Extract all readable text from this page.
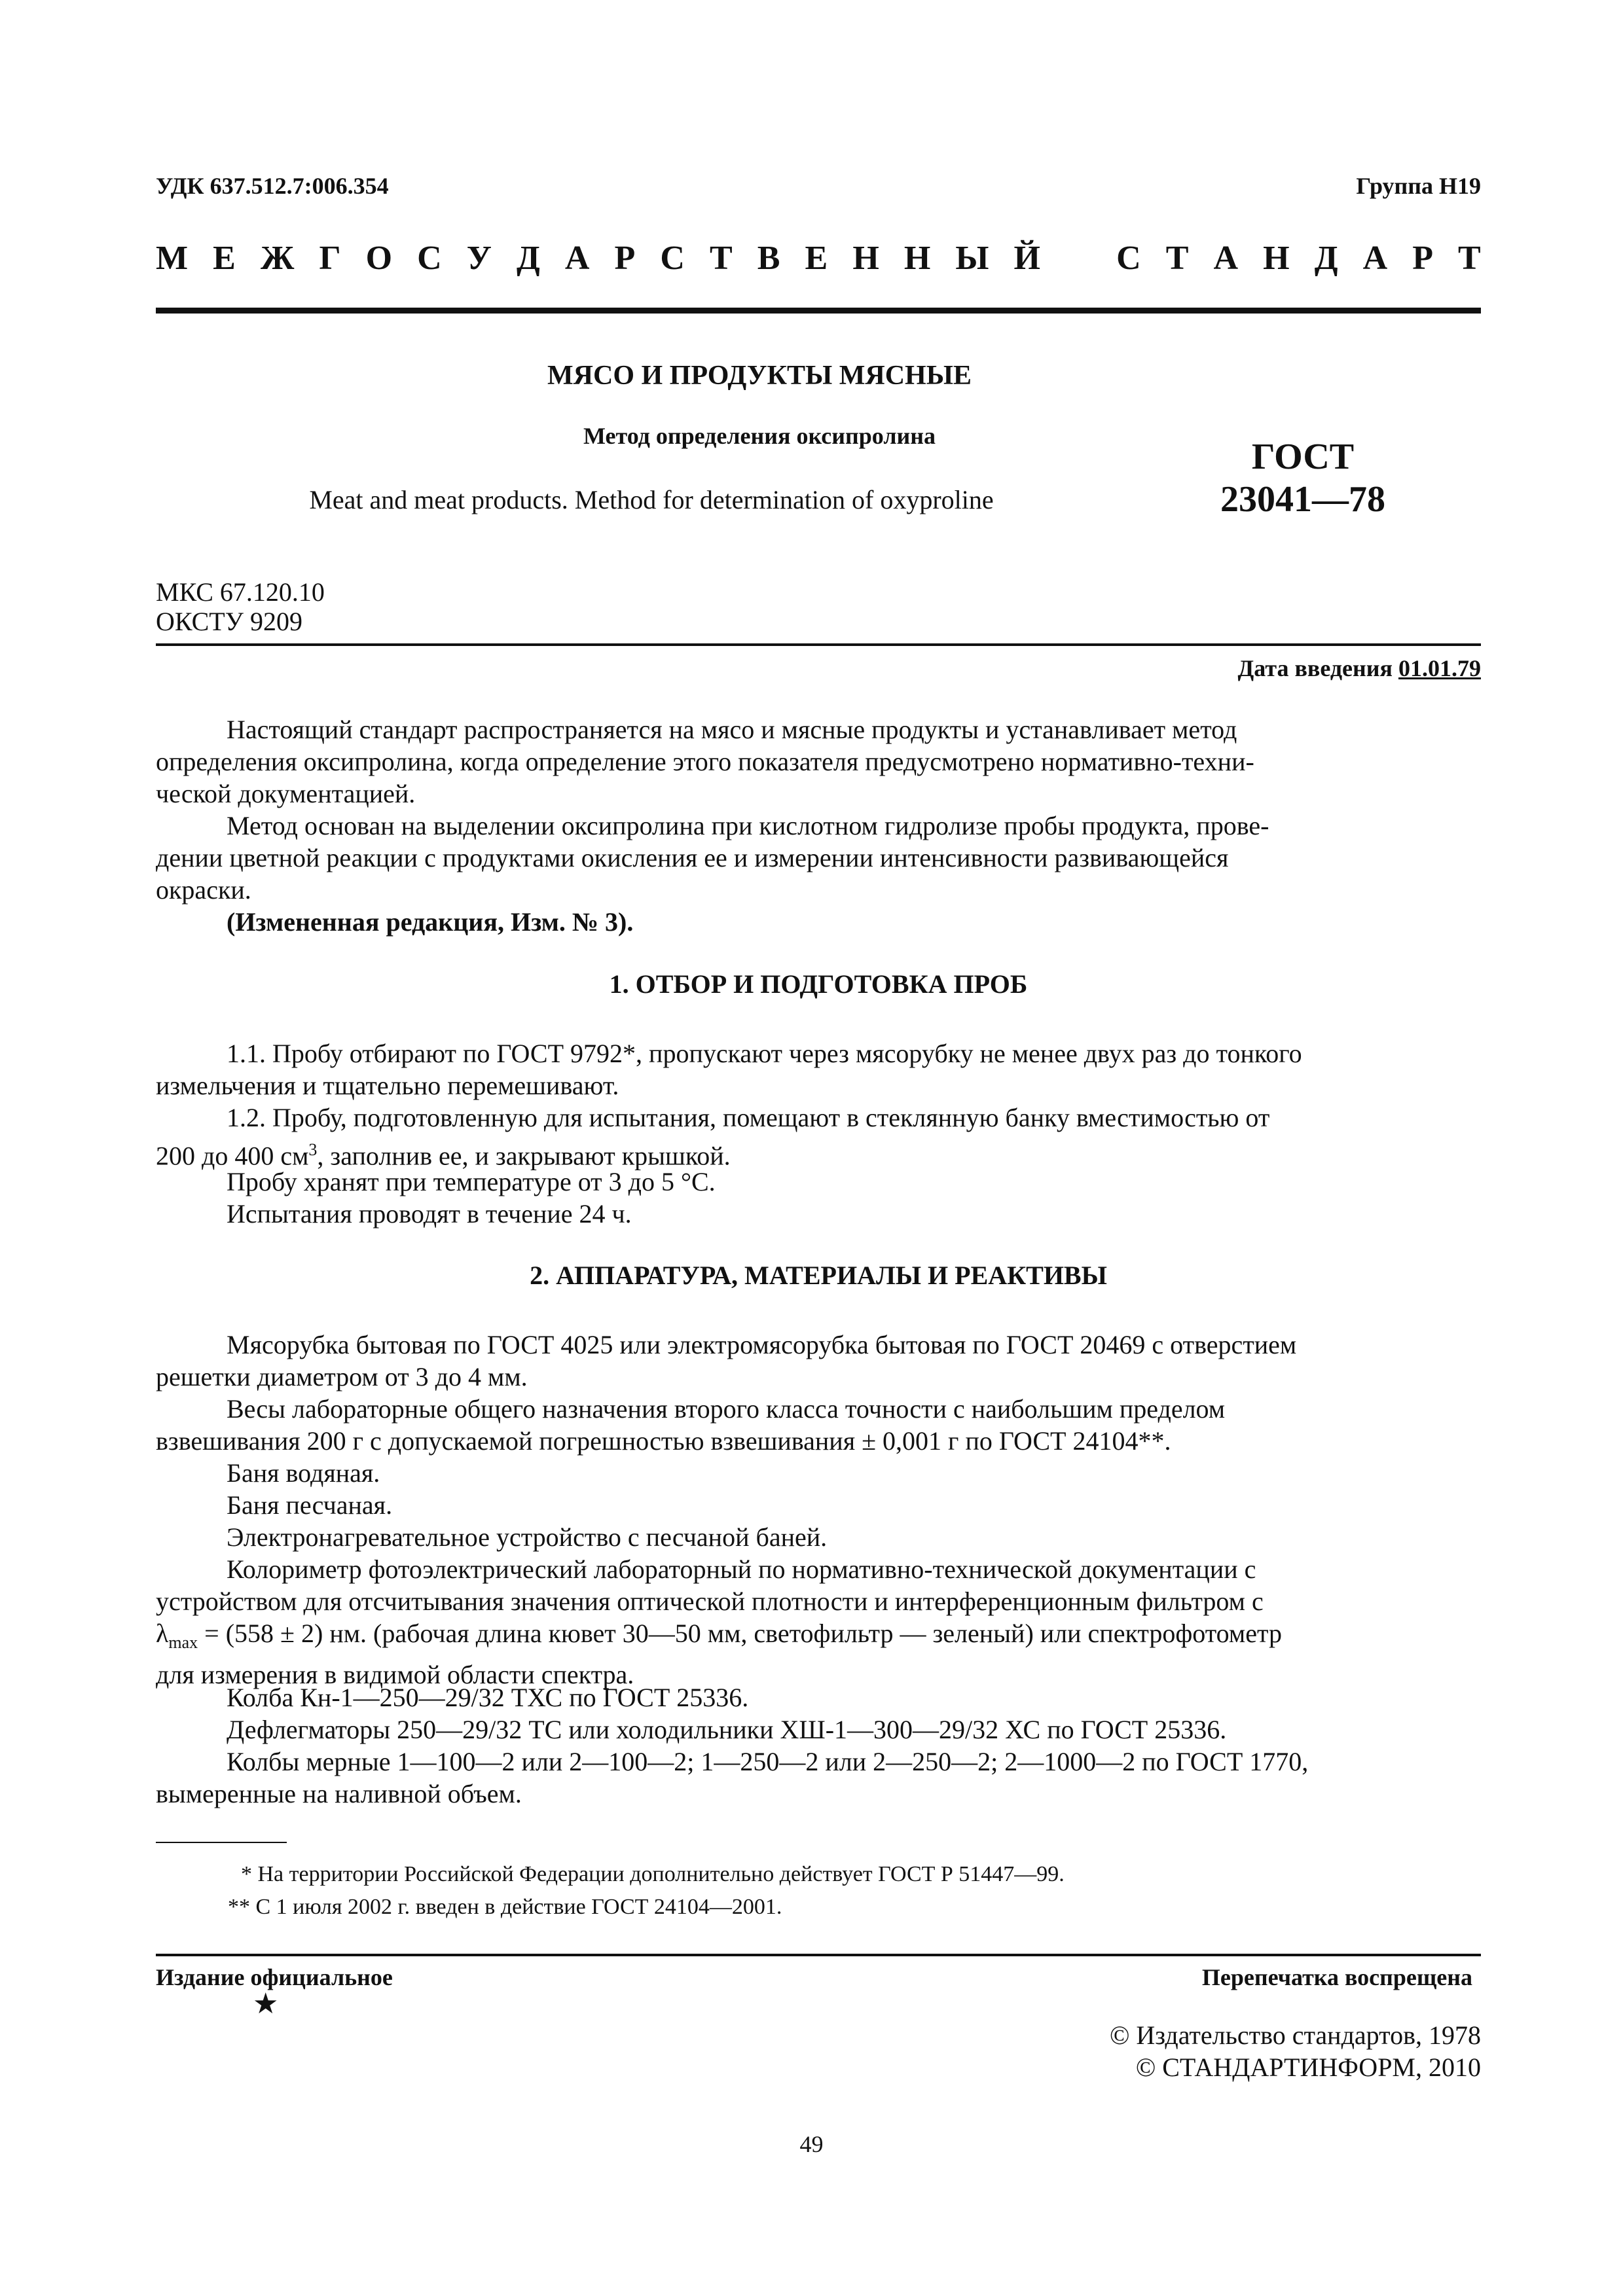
УДК 637.512.7:006.354	Группа Н19
М Е Ж Г О С У Д А Р С Т В Е Н Н Ы Й С Т А Н Д А Р Т
МЯСО И ПРОДУКТЫ МЯСНЫЕ
Метод определения оксипролина
Meat and meat products. Method for determination of oxyproline
ГОСТ
23041—78
МКС 67.120.10
ОКСТУ 9209
Дата введения 01.01.79
Настоящий стандарт распространяется на мясо и мясные продукты и устанавливает метод
определения оксипролина, когда определение этого показателя предусмотрено нормативно-техни-
ческой документацией.
Метод основан на выделении оксипролина при кислотном гидролизе пробы продукта, прове-
дении цветной реакции с продуктами окисления ее и измерении интенсивности развивающейся
окраски.
(Измененная редакция, Изм. № 3).
1. ОТБОР И ПОДГОТОВКА ПРОБ
1.1. Пробу отбирают по ГОСТ 9792*, пропускают через мясорубку не менее двух раз до тонкого
измельчения и тщательно перемешивают.
1.2. Пробу, подготовленную для испытания, помещают в стеклянную банку вместимостью от
200 до 400 $см^3$, заполнив ее, и закрывают крышкой.
Пробу хранят при температуре от 3 до 5 °С.
Испытания проводят в течение 24 ч.
2. АППАРАТУРА, МАТЕРИАЛЫ И РЕАКТИВЫ
Мясорубка бытовая по ГОСТ 4025 или электромясорубка бытовая по ГОСТ 20469 с отверстием
решетки диаметром от 3 до 4 мм.
Весы лабораторные общего назначения второго класса точности с наибольшим пределом
взвешивания 200 г с допускаемой погрешностью взвешивания ± 0,001 г по ГОСТ 24104**.
Баня водяная.
Баня песчаная.
Электронагревательное устройство с песчаной баней.
Колориметр фотоэлектрический лабораторный по нормативно-технической документации с
устройством для отсчитывания значения оптической плотности и интерференционным фильтром с
$\lambda_{max} = (558 \pm 2)$ нм. (рабочая длина кювет 30—50 мм, светофильтр — зеленый) или спектрофотометр
для измерения в видимой области спектра.
Колба Кн-1—250—29/32 ТХС по ГОСТ 25336.
Дефлегматоры 250—29/32 ТС или холодильники ХШ-1—300—29/32 ХС по ГОСТ 25336.
Колбы мерные 1—100—2 или 2—100—2; 1—250—2 или 2—250—2; 2—1000—2 по ГОСТ 1770,
вымеренные на наливной объем.
* На территории Российской Федерации дополнительно действует ГОСТ Р 51447—99.
** С 1 июля 2002 г. введен в действие ГОСТ 24104—2001.
Издание официальное	Перепечатка воспрещена
★
© Издательство стандартов, 1978
© СТАНДАРТИНФОРМ, 2010
49
